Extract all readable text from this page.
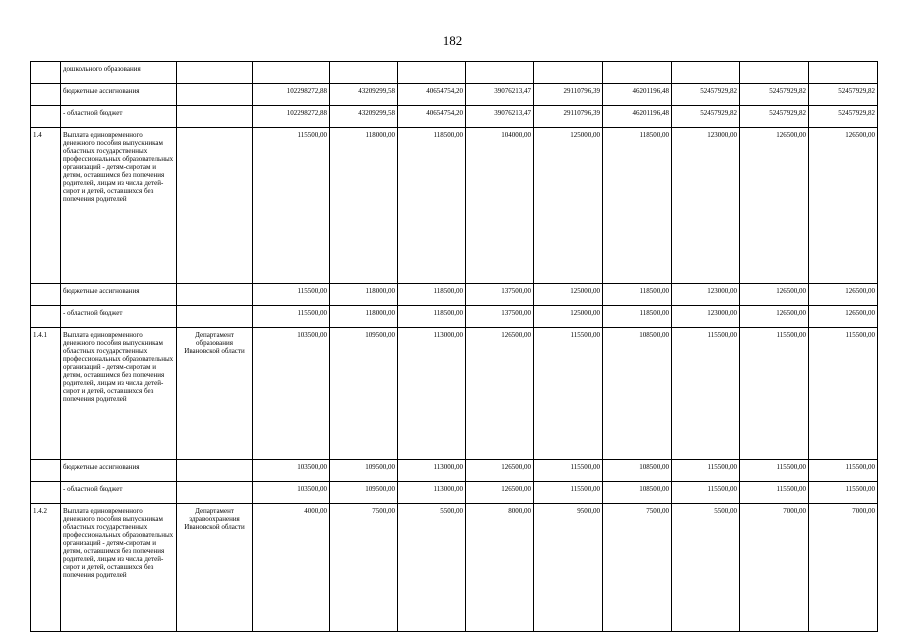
182
	дошкольного образования										
	бюджетные ассигнования		102298272,88	43209299,58	40654754,20	39076213,47	29110796,39	46201196,48	52457929,82	52457929,82	52457929,82
	- областной бюджет		102298272,88	43209299,58	40654754,20	39076213,47	29110796,39	46201196,48	52457929,82	52457929,82	52457929,82
1.4	Выплата единовременного денежного пособия выпускникам областных государственных профессиональных образовательных организаций - детям-сиротам и детям, оставшимся без попечения родителей, лицам из числа детей-сирот и детей, оставшихся без попечения родителей		115500,00	118000,00	118500,00	104000,00	125000,00	118500,00	123000,00	126500,00	126500,00
	бюджетные ассигнования		115500,00	118000,00	118500,00	137500,00	125000,00	118500,00	123000,00	126500,00	126500,00
	- областной бюджет		115500,00	118000,00	118500,00	137500,00	125000,00	118500,00	123000,00	126500,00	126500,00
1.4.1	Выплата единовременного денежного пособия выпускникам областных государственных профессиональных образовательных организаций - детям-сиротам и детям, оставшимся без попечения родителей, лицам из числа детей-сирот и детей, оставшихся без попечения родителей	Департамент образования Ивановской области	103500,00	109500,00	113000,00	126500,00	115500,00	108500,00	115500,00	115500,00	115500,00
	бюджетные ассигнования		103500,00	109500,00	113000,00	126500,00	115500,00	108500,00	115500,00	115500,00	115500,00
	- областной бюджет		103500,00	109500,00	113000,00	126500,00	115500,00	108500,00	115500,00	115500,00	115500,00
1.4.2	Выплата единовременного денежного пособия выпускникам областных государственных профессиональных образовательных организаций - детям-сиротам и детям, оставшимся без попечения родителей, лицам из числа детей-сирот и детей, оставшихся без попечения родителей	Департамент здравоохранения Ивановской области	4000,00	7500,00	5500,00	8000,00	9500,00	7500,00	5500,00	7000,00	7000,00
